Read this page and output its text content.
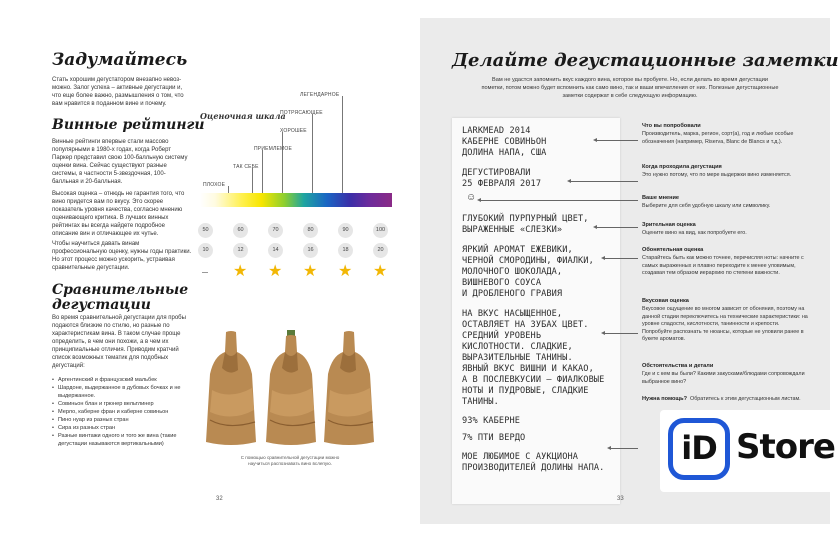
Задумайтесь
Стать хорошим дегустатором внезапно невоз-можно. Залог успеха – активные дегустации и, что еще более важно, размышления о том, что вам нравится в пoданном вине и почему.
Винные рейтинги
Винные рейтинги впервые стали массово популярными в 1980-х годах, когда Роберт Паркер представил свою 100-балльную систему оценки вина. Сейчас существуют разные системы, в частности 5-звездочная, 100-балльная и 20-балльная.
Высокая оценка – отнюдь не гарантия того, что вино придется вам по вкусу. Это скорее показатель уровня качества, согласно мнению оценивающего критика. В лучших винных рейтингах вы всегда найдете подробное описание вин и отличающее их чутье.
Чтобы научиться давать винам профессиональную оценку, нужны годы практики. Но этот процесс можно ускорить, устраивая сравнительные дегустации.
Сравнительные дегустации
Во время сравнительной дегустации для пробы подаются близкие по стилю, но разные по характеристикам вина. В таком случае проще определить, в чем они похожи, а в чем их принципиальные отличия. Приводим кратчий список возможных тематик для подобных дегустаций:
• Аргентинский и французский мальбек
• Шардоне, выдержанное в дубовых бочках и не выдержанное.
• Совиньон блан и грюнер вельтлинер
• Мерло, каберне фран и каберне совиньон
• Пино нуар из разных стран
• Сира из разных стран
• Разные винтажи одного и того же вина (такие дегустации называются вертикальными)
Оценочная шкала
ЛЕГЕНДАРНОЕ
ПОТРЯСАЮЩЕЕ
ХОРОШЕЕ
ПРИЕМЛЕМОЕ
ТАК СЕБЕ
ПЛОХОЕ
50	60	70	80	90	100
10	12	14	16	18	20
★ ★ ★ ★ ★
С помощью сравнительной дегустации можно научиться распознавать вино вслепую.
32
Делайте дегустационные заметки
Вам не удастся запомнить вкус каждого вина, которое вы пробуете. Но, если делать во время дегустации пометки, потом можно будет вспомнить как само вино, так и ваши впечатления от них. Полезные дегустационные заметки содержат в себе следующую информацию.
LARKMEAD 2014
КАБЕРНЕ СОВИНЬОН
ДОЛИНА НАПА, США
ДЕГУСТИРОВАЛИ
25 ФЕВРАЛЯ 2017
☺
ГЛУБОКИЙ ПУРПУРНЫЙ ЦВЕТ,
ВЫРАЖЕННЫЕ «СЛЕЗКИ»
ЯРКИЙ АРОМАТ ЕЖЕВИКИ,
ЧЕРНОЙ СМОРОДИНЫ, ФИАЛКИ,
МОЛОЧНОГО ШОКОЛАДА,
ВИШНЕВОГО СОУСА
И ДРОБЛЕНОГО ГРАВИЯ
НА ВКУС НАСЫЩЕННОЕ,
ОСТАВЛЯЕТ НА ЗУБАХ ЦВЕТ.
СРЕДНИЙ УРОВЕНЬ
КИСЛОТНОСТИ. СЛАДКИЕ,
ВЫРАЗИТЕЛЬНЫЕ ТАНИНЫ.
ЯВНЫЙ ВКУС ВИШНИ И КАКАО,
А В ПОСЛЕВКУСИИ – ФИАЛКОВЫЕ
НОТЫ И ПУДРОВЫЕ, СЛАДКИЕ
ТАНИНЫ.
93% КАБЕРНЕ
7% ПТИ ВЕРДО
МОЕ ЛЮБИМОЕ С АУКЦИОНА
ПРОИЗВОДИТЕЛЕЙ ДОЛИНЫ НАПА.
Что вы попробовали
Производитель, марка, регион, сорт(а), год и любые особые обозначения (например, Riserva, Blanc de Blancs и т.д.).
Когда проходила дегустация
Это нужно потому, что по мере выдержки вино изменяется.
Ваше мнение
Выберите для себя удобную шкалу или символику.
Зрительная оценка
Оцените вино на вид, как попробуете его.
Обонятельная оценка
Старайтесь быть как можно точнее, перечисляя ноты: начните с самых выраженных и плавно переходите к менее уловимым, создавая тем образом иерархию по степени важности.
Вкусовая оценка
Вкусовое ощущение во многом зависит от обоняния, поэтому на данной стадии переключитесь на технические характеристики: на уровне сладости, кислотности, танинности и крепости. Попробуйте распознать те нюансы, которые не уловили ранее в букете ароматов.
Обстоятельства и детали
Где и с кем вы были? Какими закусками/блюдами сопровождали выбранное вино?
Нужна помощь? Обратитесь к этим дегустационным листам.
33
iD Store
